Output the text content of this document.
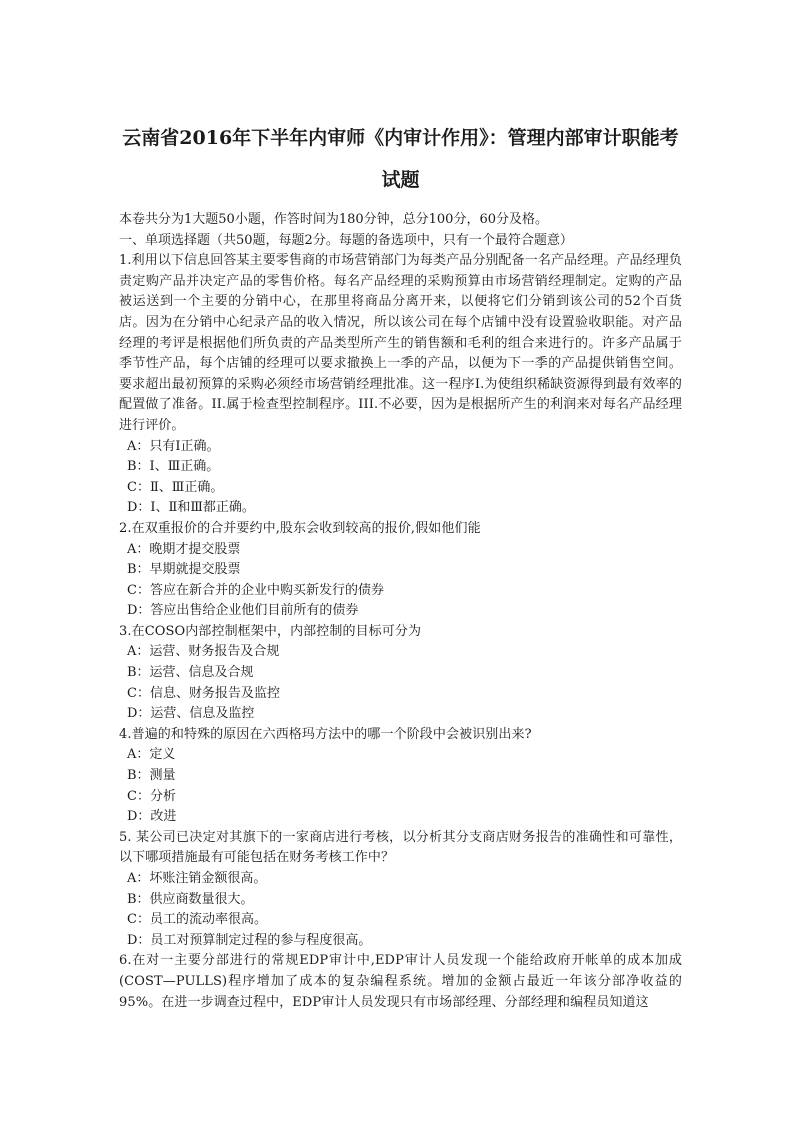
云南省2016年下半年内审师《内审计作用》：管理内部审计职能考
试题

本卷共分为1大题50小题，作答时间为180分钟，总分100分，60分及格。

一、单项选择题（共50题，每题2分。每题的备选项中，只有一个最符合题意）

1.利用以下信息回答某主要零售商的市场营销部门为每类产品分别配备一名产品经理。产品经理负责定购产品并决定产品的零售价格。每名产品经理的采购预算由市场营销经理制定。定购的产品被运送到一个主要的分销中心，在那里将商品分离开来，以便将它们分销到该公司的52个百货店。因为在分销中心纪录产品的收入情况，所以该公司在每个店铺中没有设置验收职能。对产品经理的考评是根据他们所负责的产品类型所产生的销售额和毛利的组合来进行的。许多产品属于季节性产品，每个店铺的经理可以要求撤换上一季的产品，以便为下一季的产品提供销售空间。要求超出最初预算的采购必须经市场营销经理批准。这一程序I.为使组织稀缺资源得到最有效率的配置做了准备。II.属于检查型控制程序。III.不必要，因为是根据所产生的利润来对每名产品经理进行评价。

A：只有I正确。

B：I、Ⅲ正确。

C：Ⅱ、Ⅲ正确。

D：I、Ⅱ和Ⅲ都正确。

2.在双重报价的合并要约中,股东会收到较高的报价,假如他们能

A：晚期才提交股票

B：早期就提交股票

C：答应在新合并的企业中购买新发行的债券

D：答应出售给企业他们目前所有的债券

3.在COSO内部控制框架中，内部控制的目标可分为

A：运营、财务报告及合规

B：运营、信息及合规

C：信息、财务报告及监控

D：运营、信息及监控

4.普遍的和特殊的原因在六西格玛方法中的哪一个阶段中会被识别出来?

A：定义

B：测量

C：分析

D：改进

5. 某公司已决定对其旗下的一家商店进行考核，以分析其分支商店财务报告的准确性和可靠性，以下哪项措施最有可能包括在财务考核工作中？

A：坏账注销金额很高。

B：供应商数量很大。

C：员工的流动率很高。

D：员工对预算制定过程的参与程度很高。

6.在对一主要分部进行的常规EDP审计中,EDP审计人员发现一个能给政府开帐单的成本加成(COST—PULLS)程序增加了成本的复杂编程系统。增加的金额占最近一年该分部净收益的95%。在进一步调查过程中，EDP审计人员发现只有市场部经理、分部经理和编程员知道这
